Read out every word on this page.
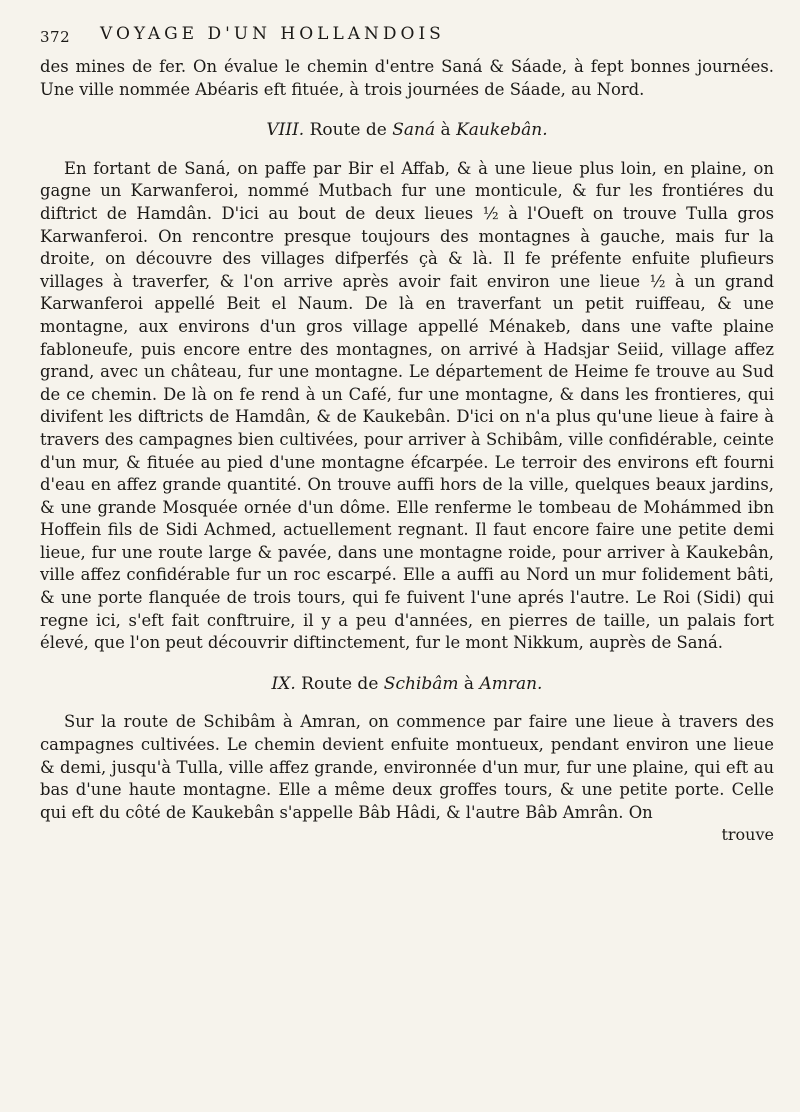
372 VOYAGE D'UN HOLLANDOIS

des mines de fer. On évalue le chemin d'entre Saná & Sáade, à fept bonnes journées. Une ville nommée Abéaris eft fituée, à trois journées de Sáade, au Nord.

VIII. Route de Saná à Kaukebân.

En fortant de Saná, on paffe par Bir el Affab, & à une lieue plus loin, en plaine, on gagne un Karwanferoi, nommé Mutbach fur une monticule, & fur les frontiéres du diftrict de Hamdân. D'ici au bout de deux lieues ½ à l'Oueft on trouve Tulla gros Karwanferoi. On rencontre presque toujours des montagnes à gauche, mais fur la droite, on découvre des villages difperfés çà & là. Il fe préfente enfuite plufieurs villages à traverfer, & l'on arrive après avoir fait environ une lieue ½ à un grand Karwanferoi appellé Beit el Naum. De là en traverfant un petit ruiffeau, & une montagne, aux environs d'un gros village appellé Ménakeb, dans une vafte plaine fabloneufe, puis encore entre des montagnes, on arrivé à Hadsjar Seiid, village affez grand, avec un château, fur une montagne. Le département de Heime fe trouve au Sud de ce chemin. De là on fe rend à un Café, fur une montagne, & dans les frontieres, qui divifent les diftricts de Hamdân, & de Kaukebân. D'ici on n'a plus qu'une lieue à faire à travers des campagnes bien cultivées, pour arriver à Schibâm, ville confidérable, ceinte d'un mur, & fituée au pied d'une montagne éfcarpée. Le terroir des environs eft fourni d'eau en affez grande quantité. On trouve auffi hors de la ville, quelques beaux jardins, & une grande Mosquée ornée d'un dôme. Elle renferme le tombeau de Mohámmed ibn Hoffein fils de Sidi Achmed, actuellement regnant. Il faut encore faire une petite demi lieue, fur une route large & pavée, dans une montagne roide, pour arriver à Kaukebân, ville affez confidérable fur un roc escarpé. Elle a auffi au Nord un mur folidement bâti, & une porte flanquée de trois tours, qui fe fuivent l'une aprés l'autre. Le Roi (Sidi) qui regne ici, s'eft fait conftruire, il y a peu d'années, en pierres de taille, un palais fort élevé, que l'on peut découvrir diftinctement, fur le mont Nikkum, auprès de Saná.

IX. Route de Schibâm à Amran.

Sur la route de Schibâm à Amran, on commence par faire une lieue à travers des campagnes cultivées. Le chemin devient enfuite montueux, pendant environ une lieue & demi, jusqu'à Tulla, ville affez grande, environnée d'un mur, fur une plaine, qui eft au bas d'une haute montagne. Elle a même deux groffes tours, & une petite porte. Celle qui eft du côté de Kaukebân s'appelle Bâb Hâdi, & l'autre Bâb Amrân. On

trouve
